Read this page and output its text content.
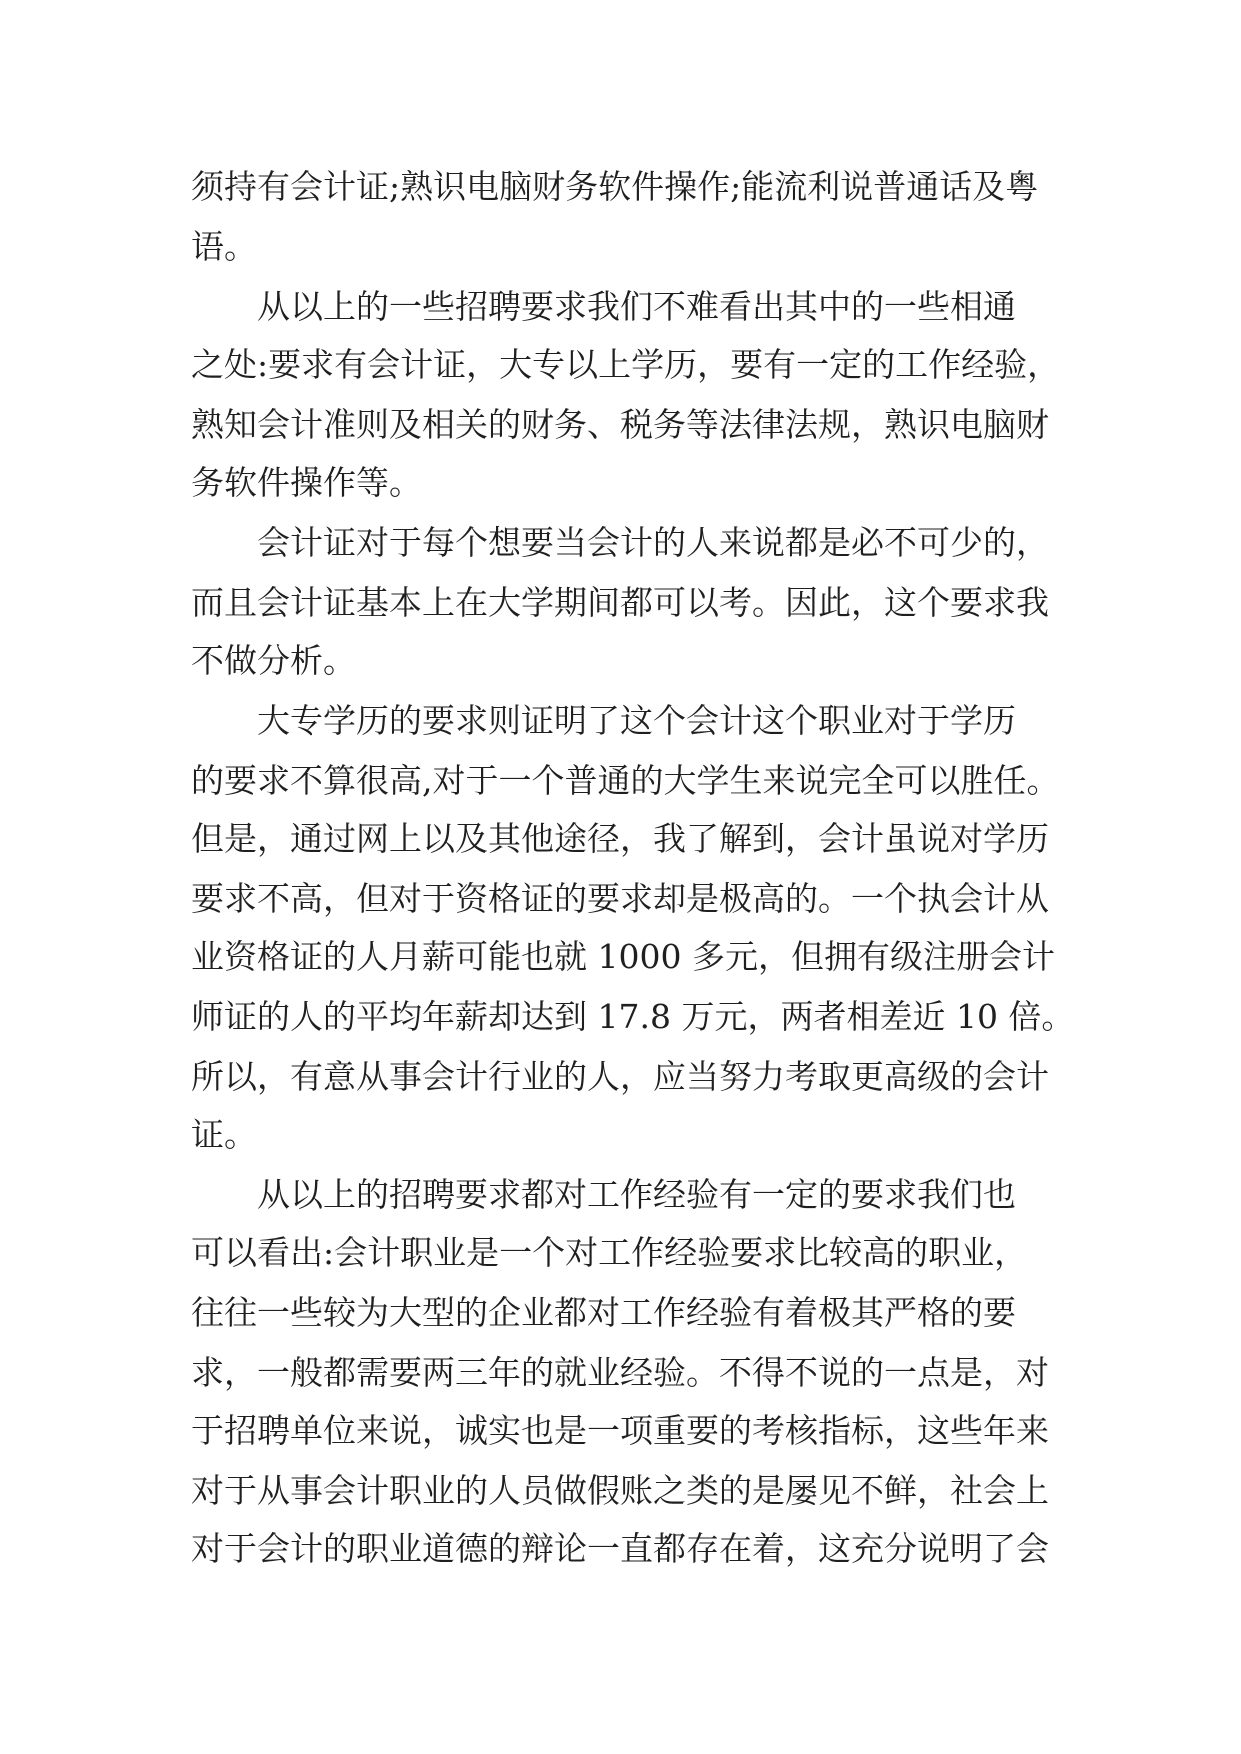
须持有会计证;熟识电脑财务软件操作;能流利说普通话及粤

语。

从以上的一些招聘要求我们不难看出其中的一些相通

之处:要求有会计证，大专以上学历，要有一定的工作经验，

熟知会计准则及相关的财务、税务等法律法规，熟识电脑财

务软件操作等。

会计证对于每个想要当会计的人来说都是必不可少的，

而且会计证基本上在大学期间都可以考。因此，这个要求我

不做分析。

大专学历的要求则证明了这个会计这个职业对于学历

的要求不算很高,对于一个普通的大学生来说完全可以胜任。

但是，通过网上以及其他途径，我了解到，会计虽说对学历

要求不高，但对于资格证的要求却是极高的。一个执会计从

业资格证的人月薪可能也就 1000 多元，但拥有级注册会计

师证的人的平均年薪却达到 17.8 万元，两者相差近 10 倍。

所以，有意从事会计行业的人，应当努力考取更高级的会计

证。

从以上的招聘要求都对工作经验有一定的要求我们也

可以看出:会计职业是一个对工作经验要求比较高的职业，

往往一些较为大型的企业都对工作经验有着极其严格的要

求，一般都需要两三年的就业经验。不得不说的一点是，对

于招聘单位来说，诚实也是一项重要的考核指标，这些年来

对于从事会计职业的人员做假账之类的是屡见不鲜，社会上

对于会计的职业道德的辩论一直都存在着，这充分说明了会
